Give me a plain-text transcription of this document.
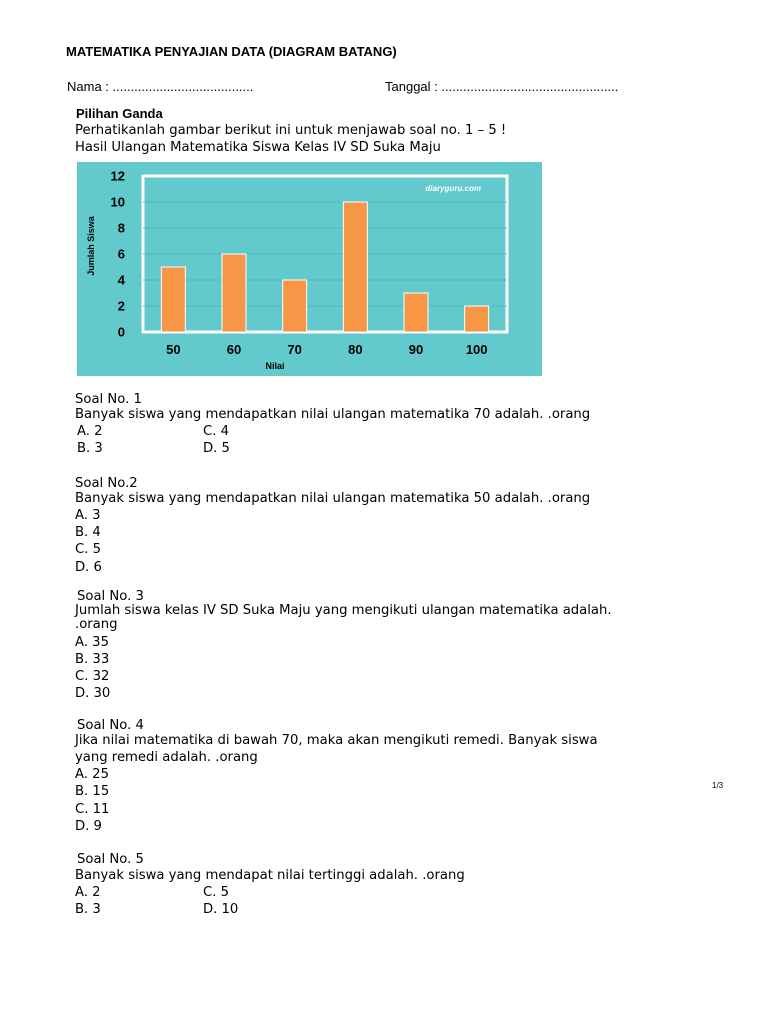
MATEMATIKA PENYAJIAN DATA (DIAGRAM BATANG)
Nama : .......................................	Tanggal : .................................................
Pilihan Ganda
Perhatikanlah gambar berikut ini untuk menjawab soal no. 1 – 5 !
Hasil Ulangan Matematika Siswa Kelas IV SD Suka Maju
0
2
4
6
8
10
12
50	60	70	80	90	100
Nilai
Jumlah Siswa
diaryguru.com
Soal No. 1
Banyak siswa yang mendapatkan nilai ulangan matematika 70 adalah. .orang
A. 2
B. 3
C. 4
D. 5
Soal No.2
Banyak siswa yang mendapatkan nilai ulangan matematika 50 adalah. .orang
A. 3
B. 4
C. 5
D. 6
Soal No. 3
Jumlah siswa kelas IV SD Suka Maju yang mengikuti ulangan matematika adalah.
.orang
A. 35
B. 33
C. 32
D. 30
Soal No. 4
Jika nilai matematika di bawah 70, maka akan mengikuti remedi. Banyak siswa
yang remedi adalah. .orang
A. 25
B. 15
C. 11
D. 9
1/3
Soal No. 5
Banyak siswa yang mendapat nilai tertinggi adalah. .orang
A. 2
B. 3
C. 5
D. 10
